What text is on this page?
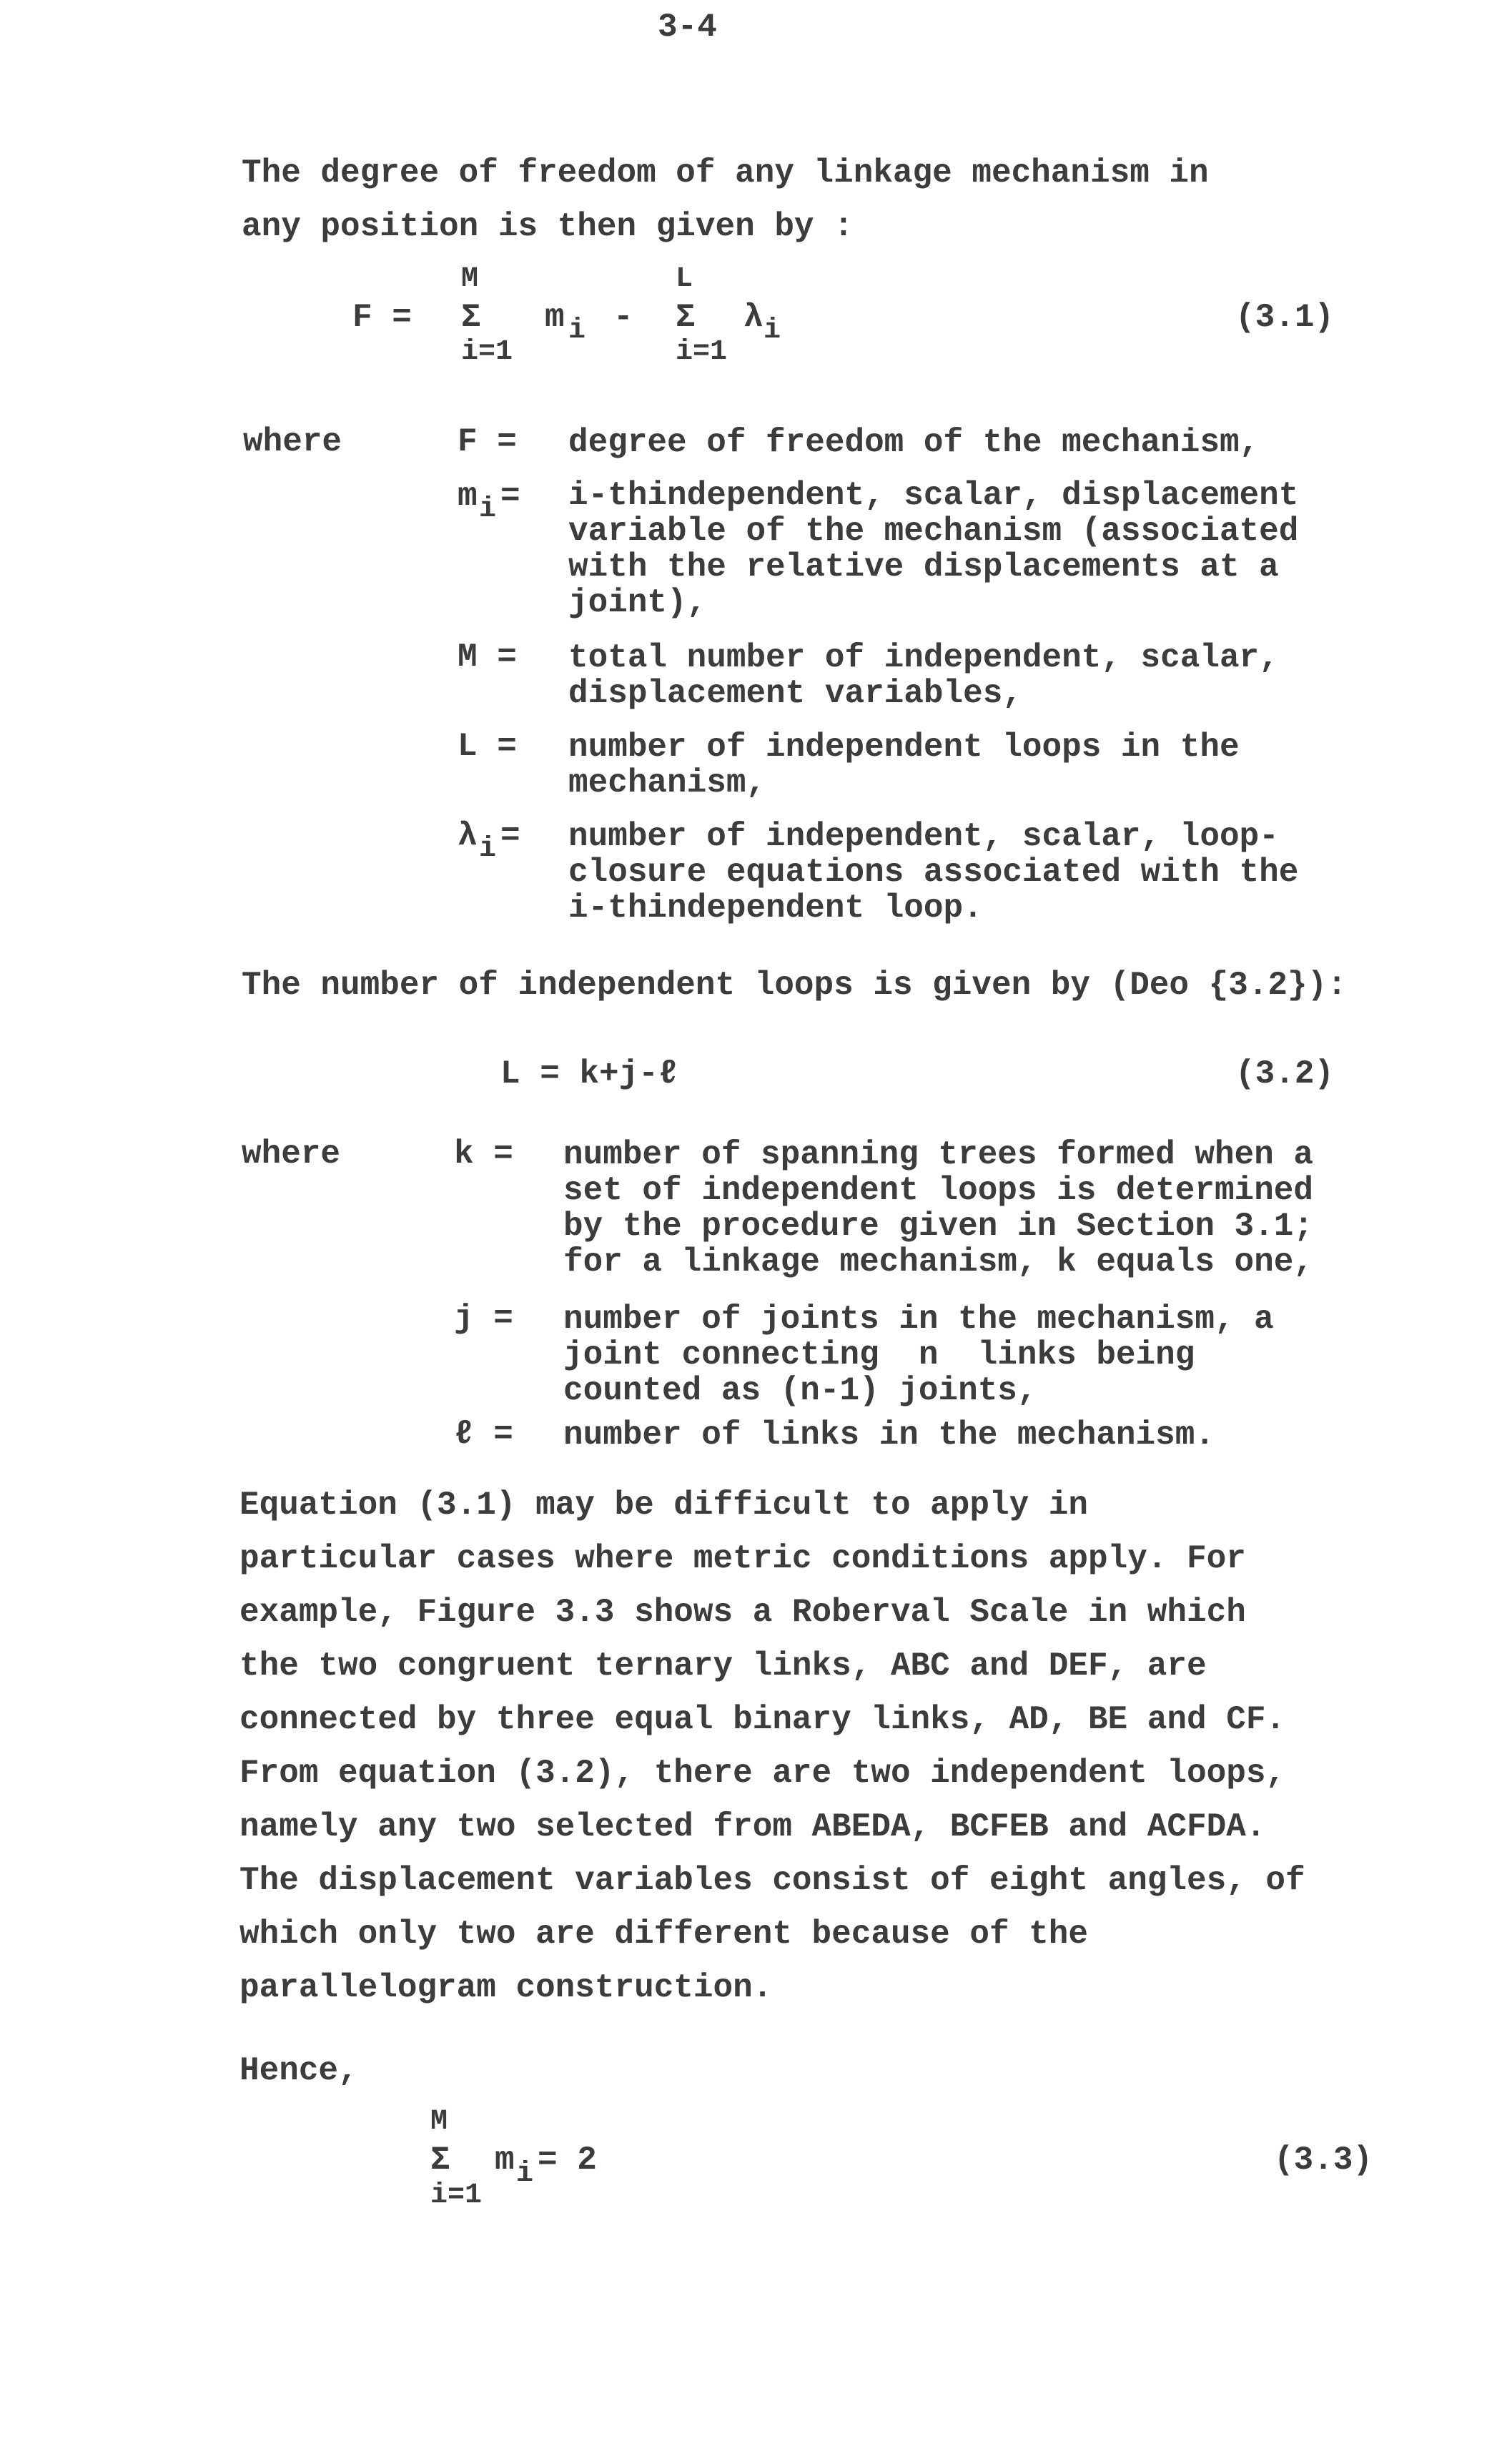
3-4
The degree of freedom of any linkage mechanism in
any position is then given by :
F =
M
Σ
i=1
m i -
L
Σ
i=1
λ i	(3.1)
where	F = degree of freedom of the mechanism,
m i = i-thindependent, scalar, displacement
variable of the mechanism (associated
with the relative displacements at a
joint),
M = total number of independent, scalar,
displacement variables,
L = number of independent loops in the
mechanism,
λ i = number of independent, scalar, loop-
closure equations associated with the
i-thindependent loop.
The number of independent loops is given by (Deo {3.2}):
L = k+j-ℓ	(3.2)
where	k = number of spanning trees formed when a
set of independent loops is determined
by the procedure given in Section 3.1;
for a linkage mechanism, k equals one,
j = number of joints in the mechanism, a
joint connecting  n  links being
counted as (n-1) joints,
ℓ = number of links in the mechanism.
Equation (3.1) may be difficult to apply in
particular cases where metric conditions apply. For
example, Figure 3.3 shows a Roberval Scale in which
the two congruent ternary links, ABC and DEF, are
connected by three equal binary links, AD, BE and CF.
From equation (3.2), there are two independent loops,
namely any two selected from ABEDA, BCFEB and ACFDA.
The displacement variables consist of eight angles, of
which only two are different because of the
parallelogram construction.
Hence,
M
Σ
i=1
m i = 2	(3.3)
